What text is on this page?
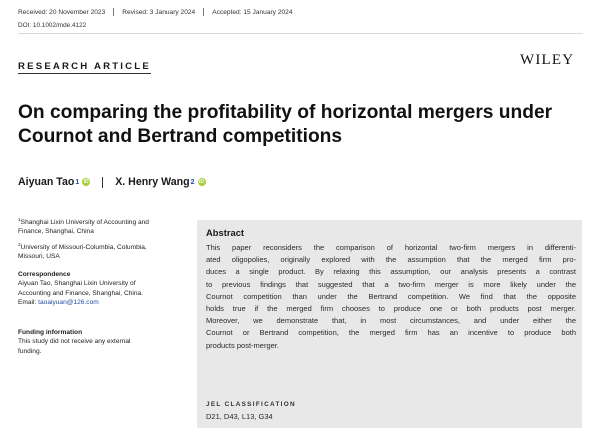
Received: 20 November 2023	Revised: 3 January 2024	Accepted: 15 January 2024
DOI: 10.1002/mde.4122
RESEARCH ARTICLE	WILEY
On comparing the profitability of horizontal mergers under
Cournot and Bertrand competitions
Aiyuan Tao 1 iD	X. Henry Wang 2 iD

$^1$Shanghai Lixin University of Accounting and
Finance, Shanghai, China

$^2$University of Missouri-Columbia, Columbia,
Missouri, USA

Correspondence

Aiyuan Tao, Shanghai Lixin University of

Accounting and Finance, Shanghai, China.

Email: taoaiyuan@126.com

Funding information

This study did not receive any external

funding.

Abstract
This paper reconsiders the comparison of horizontal two-firm mergers in differenti-
ated oligopolies, originally explored with the assumption that the merged firm pro-
duces a single product. By relaxing this assumption, our analysis presents a contrast
to previous findings that suggested that a two-firm merger is more likely under the
Cournot competition than under the Bertrand competition. We find that the opposite
holds true if the merged firm chooses to produce one or both products post merger.
Moreover, we demonstrate that, in most circumstances, and under either the
Cournot or Bertrand competition, the merged firm has an incentive to produce both
products post-merger.
JEL CLASSIFICATION
D21, D43, L13, G34
